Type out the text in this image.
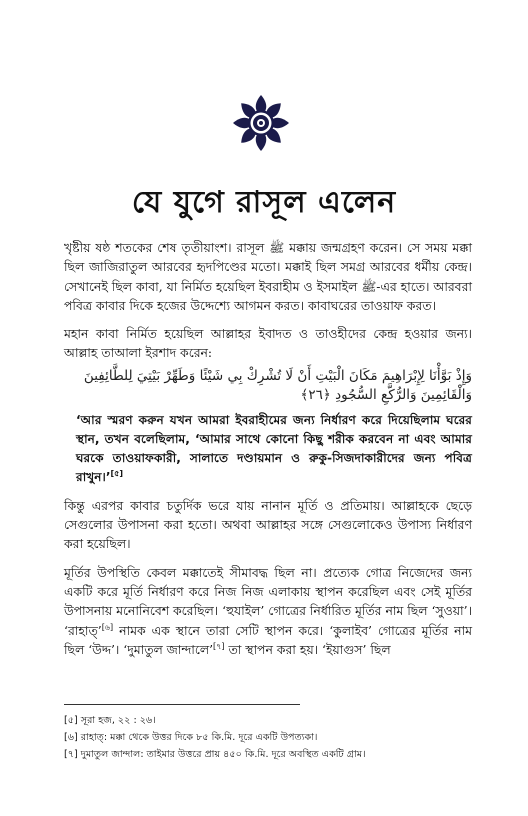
যে যুগে রাসূল এলেন

খৃষ্টীয় ষষ্ঠ শতকের শেষ তৃতীয়াংশ। রাসূল ﷺ মক্কায় জন্মগ্রহণ করেন। সে সময় মক্কা ছিল জাজিরাতুল আরবের হৃদপিণ্ডের মতো। মক্কাই ছিল সমগ্র আরবের ধর্মীয় কেন্দ্র। সেখানেই ছিল কাবা, যা নির্মিত হয়েছিল ইবরাহীম ও ইসমাইল ﷺ-এর হাতে। আরবরা পবিত্র কাবার দিকে হজের উদ্দেশ্যে আগমন করত। কাবাঘরের তাওয়াফ করত।

মহান কাবা নির্মিত হয়েছিল আল্লাহর ইবাদত ও তাওহীদের কেন্দ্র হওয়ার জন্য। আল্লাহ তাআলা ইরশাদ করেন:

وَإِذْ بَوَّأْنَا لِإِبْرَاهِيمَ مَكَانَ الْبَيْتِ أَنْ لَا تُشْرِكْ بِي شَيْئًا وَطَهِّرْ بَيْتِيَ لِلطَّائِفِينَ وَالْقَائِمِينَ وَالرُّكَّعِ السُّجُودِ ﴿٢٦﴾
‘আর স্মরণ করুন যখন আমরা ইবরাহীমের জন্য নির্ধারণ করে দিয়েছিলাম ঘরের স্থান, তখন বলেছিলাম, ‘আমার সাথে কোনো কিছু শরীক করবেন না এবং আমার ঘরকে তাওয়াফকারী, সালাতে দণ্ডায়মান ও রুকু-সিজদাকারীদের জন্য পবিত্র রাখুন।’[৫]

কিন্তু এরপর কাবার চতুর্দিক ভরে যায় নানান মূর্তি ও প্রতিমায়। আল্লাহকে ছেড়ে সেগুলোর উপাসনা করা হতো। অথবা আল্লাহর সঙ্গে সেগুলোকেও উপাস্য নির্ধারণ করা হয়েছিল।

মূর্তির উপস্থিতি কেবল মক্কাতেই সীমাবদ্ধ ছিল না। প্রত্যেক গোত্র নিজেদের জন্য একটি করে মূর্তি নির্ধারণ করে নিজ নিজ এলাকায় স্থাপন করেছিল এবং সেই মূর্তির উপাসনায় মনোনিবেশ করেছিল। ‘হুযাইল’ গোত্রের নির্ধারিত মূর্তির নাম ছিল ‘সুওয়া’। ‘রাহাত্’[৬] নামক এক স্থানে তারা সেটি স্থাপন করে। ‘কুলাইব’ গোত্রের মূর্তির নাম ছিল ‘উদ্দ’। ‘দুমাতুল জান্দালে’[৭] তা স্থাপন করা হয়। ‘ইয়াগুস’ ছিল

[৫] সূরা হজ, ২২ : ২৬।
[৬] রাহাত্: মক্কা থেকে উত্তর দিকে ৮৫ কি.মি. দূরে একটি উপত্যকা।
[৭] দুমাতুল জান্দাল: তাইমার উত্তরে প্রায় ৪৫০ কি.মি. দূরে অবস্থিত একটি গ্রাম।
